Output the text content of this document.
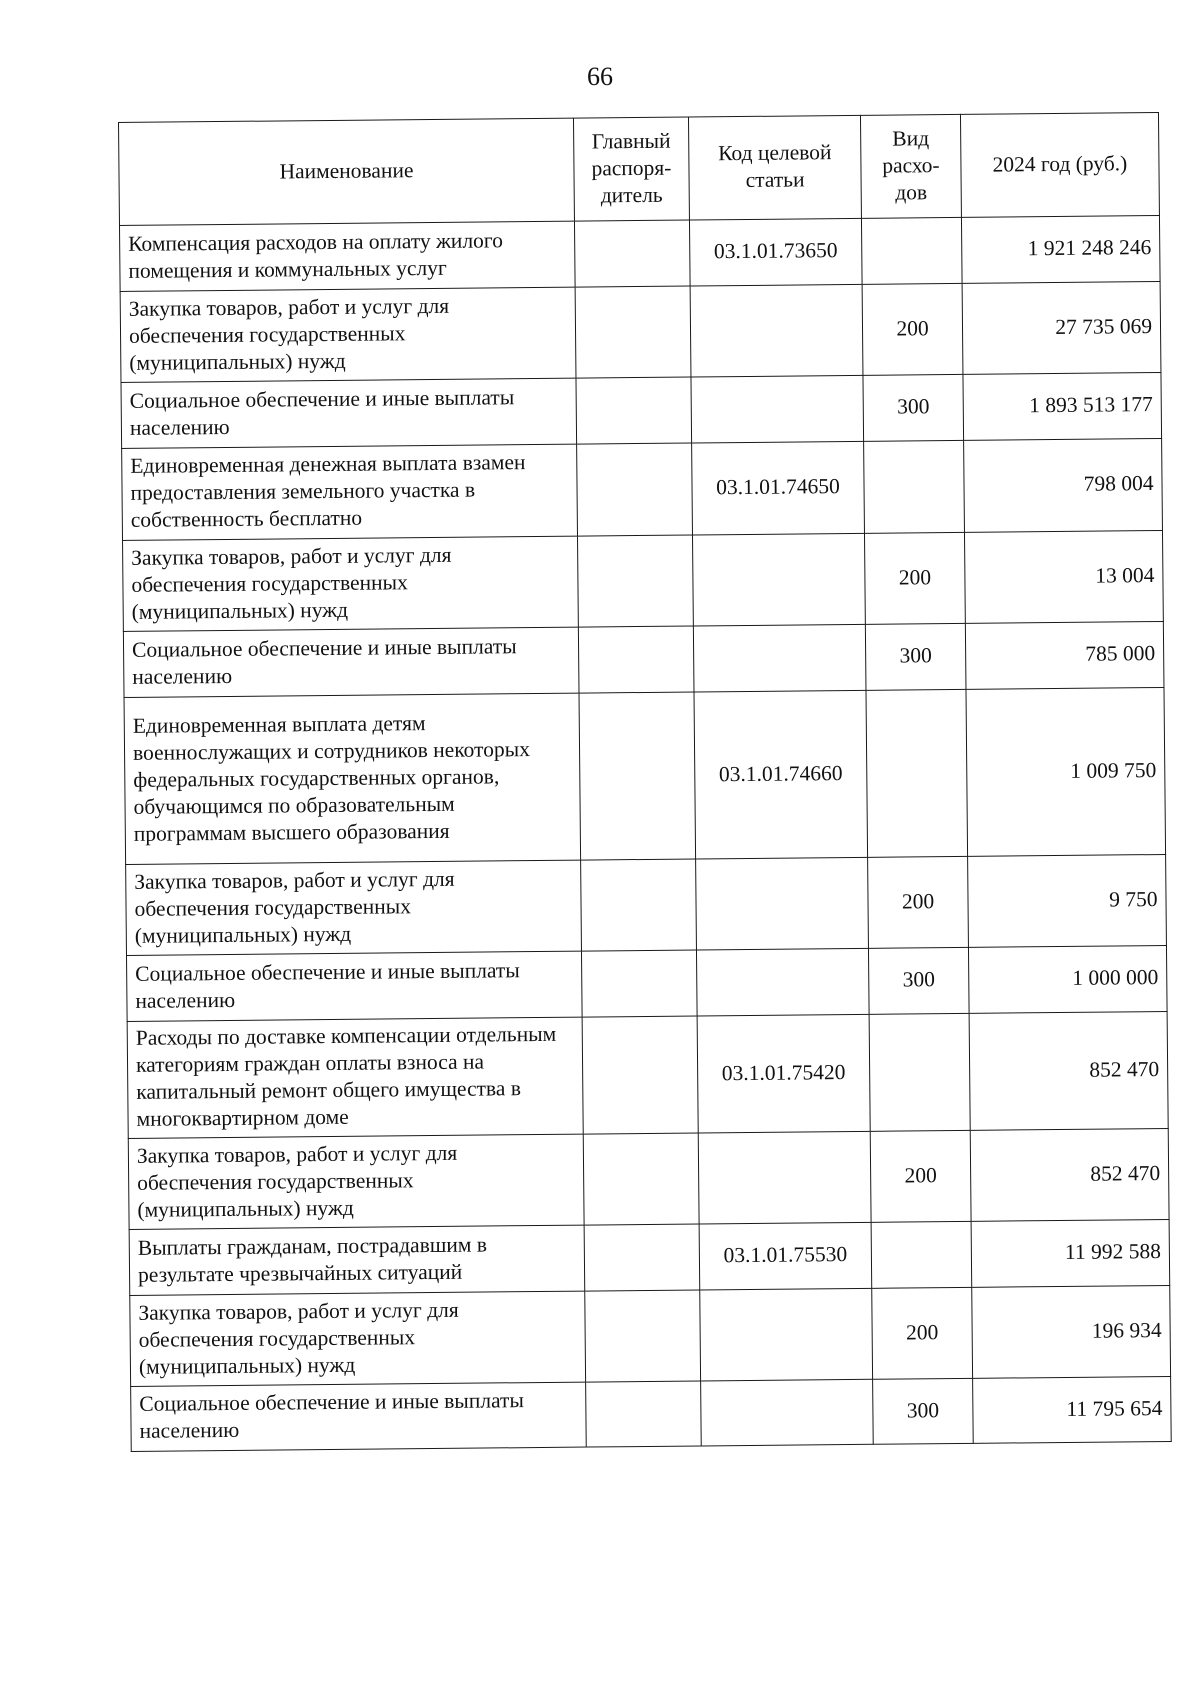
66
Наименование	Главный распоря-дитель	Код целевой статьи	Вид расхо-дов	2024 год (руб.)
Компенсация расходов на оплату жилого помещения и коммунальных услуг		03.1.01.73650		1 921 248 246
Закупка товаров, работ и услуг для обеспечения государственных (муниципальных) нужд			200	27 735 069
Социальное обеспечение и иные выплаты населению			300	1 893 513 177
Единовременная денежная выплата взамен предоставления земельного участка в собственность бесплатно		03.1.01.74650		798 004
Закупка товаров, работ и услуг для обеспечения государственных (муниципальных) нужд			200	13 004
Социальное обеспечение и иные выплаты населению			300	785 000
Единовременная выплата детям военнослужащих и сотрудников некоторых федеральных государственных органов, обучающимся по образовательным программам высшего образования		03.1.01.74660		1 009 750
Закупка товаров, работ и услуг для обеспечения государственных (муниципальных) нужд			200	9 750
Социальное обеспечение и иные выплаты населению			300	1 000 000
Расходы по доставке компенсации отдельным категориям граждан оплаты взноса на капитальный ремонт общего имущества в многоквартирном доме		03.1.01.75420		852 470
Закупка товаров, работ и услуг для обеспечения государственных (муниципальных) нужд			200	852 470
Выплаты гражданам, пострадавшим в результате чрезвычайных ситуаций		03.1.01.75530		11 992 588
Закупка товаров, работ и услуг для обеспечения государственных (муниципальных) нужд			200	196 934
Социальное обеспечение и иные выплаты населению			300	11 795 654
